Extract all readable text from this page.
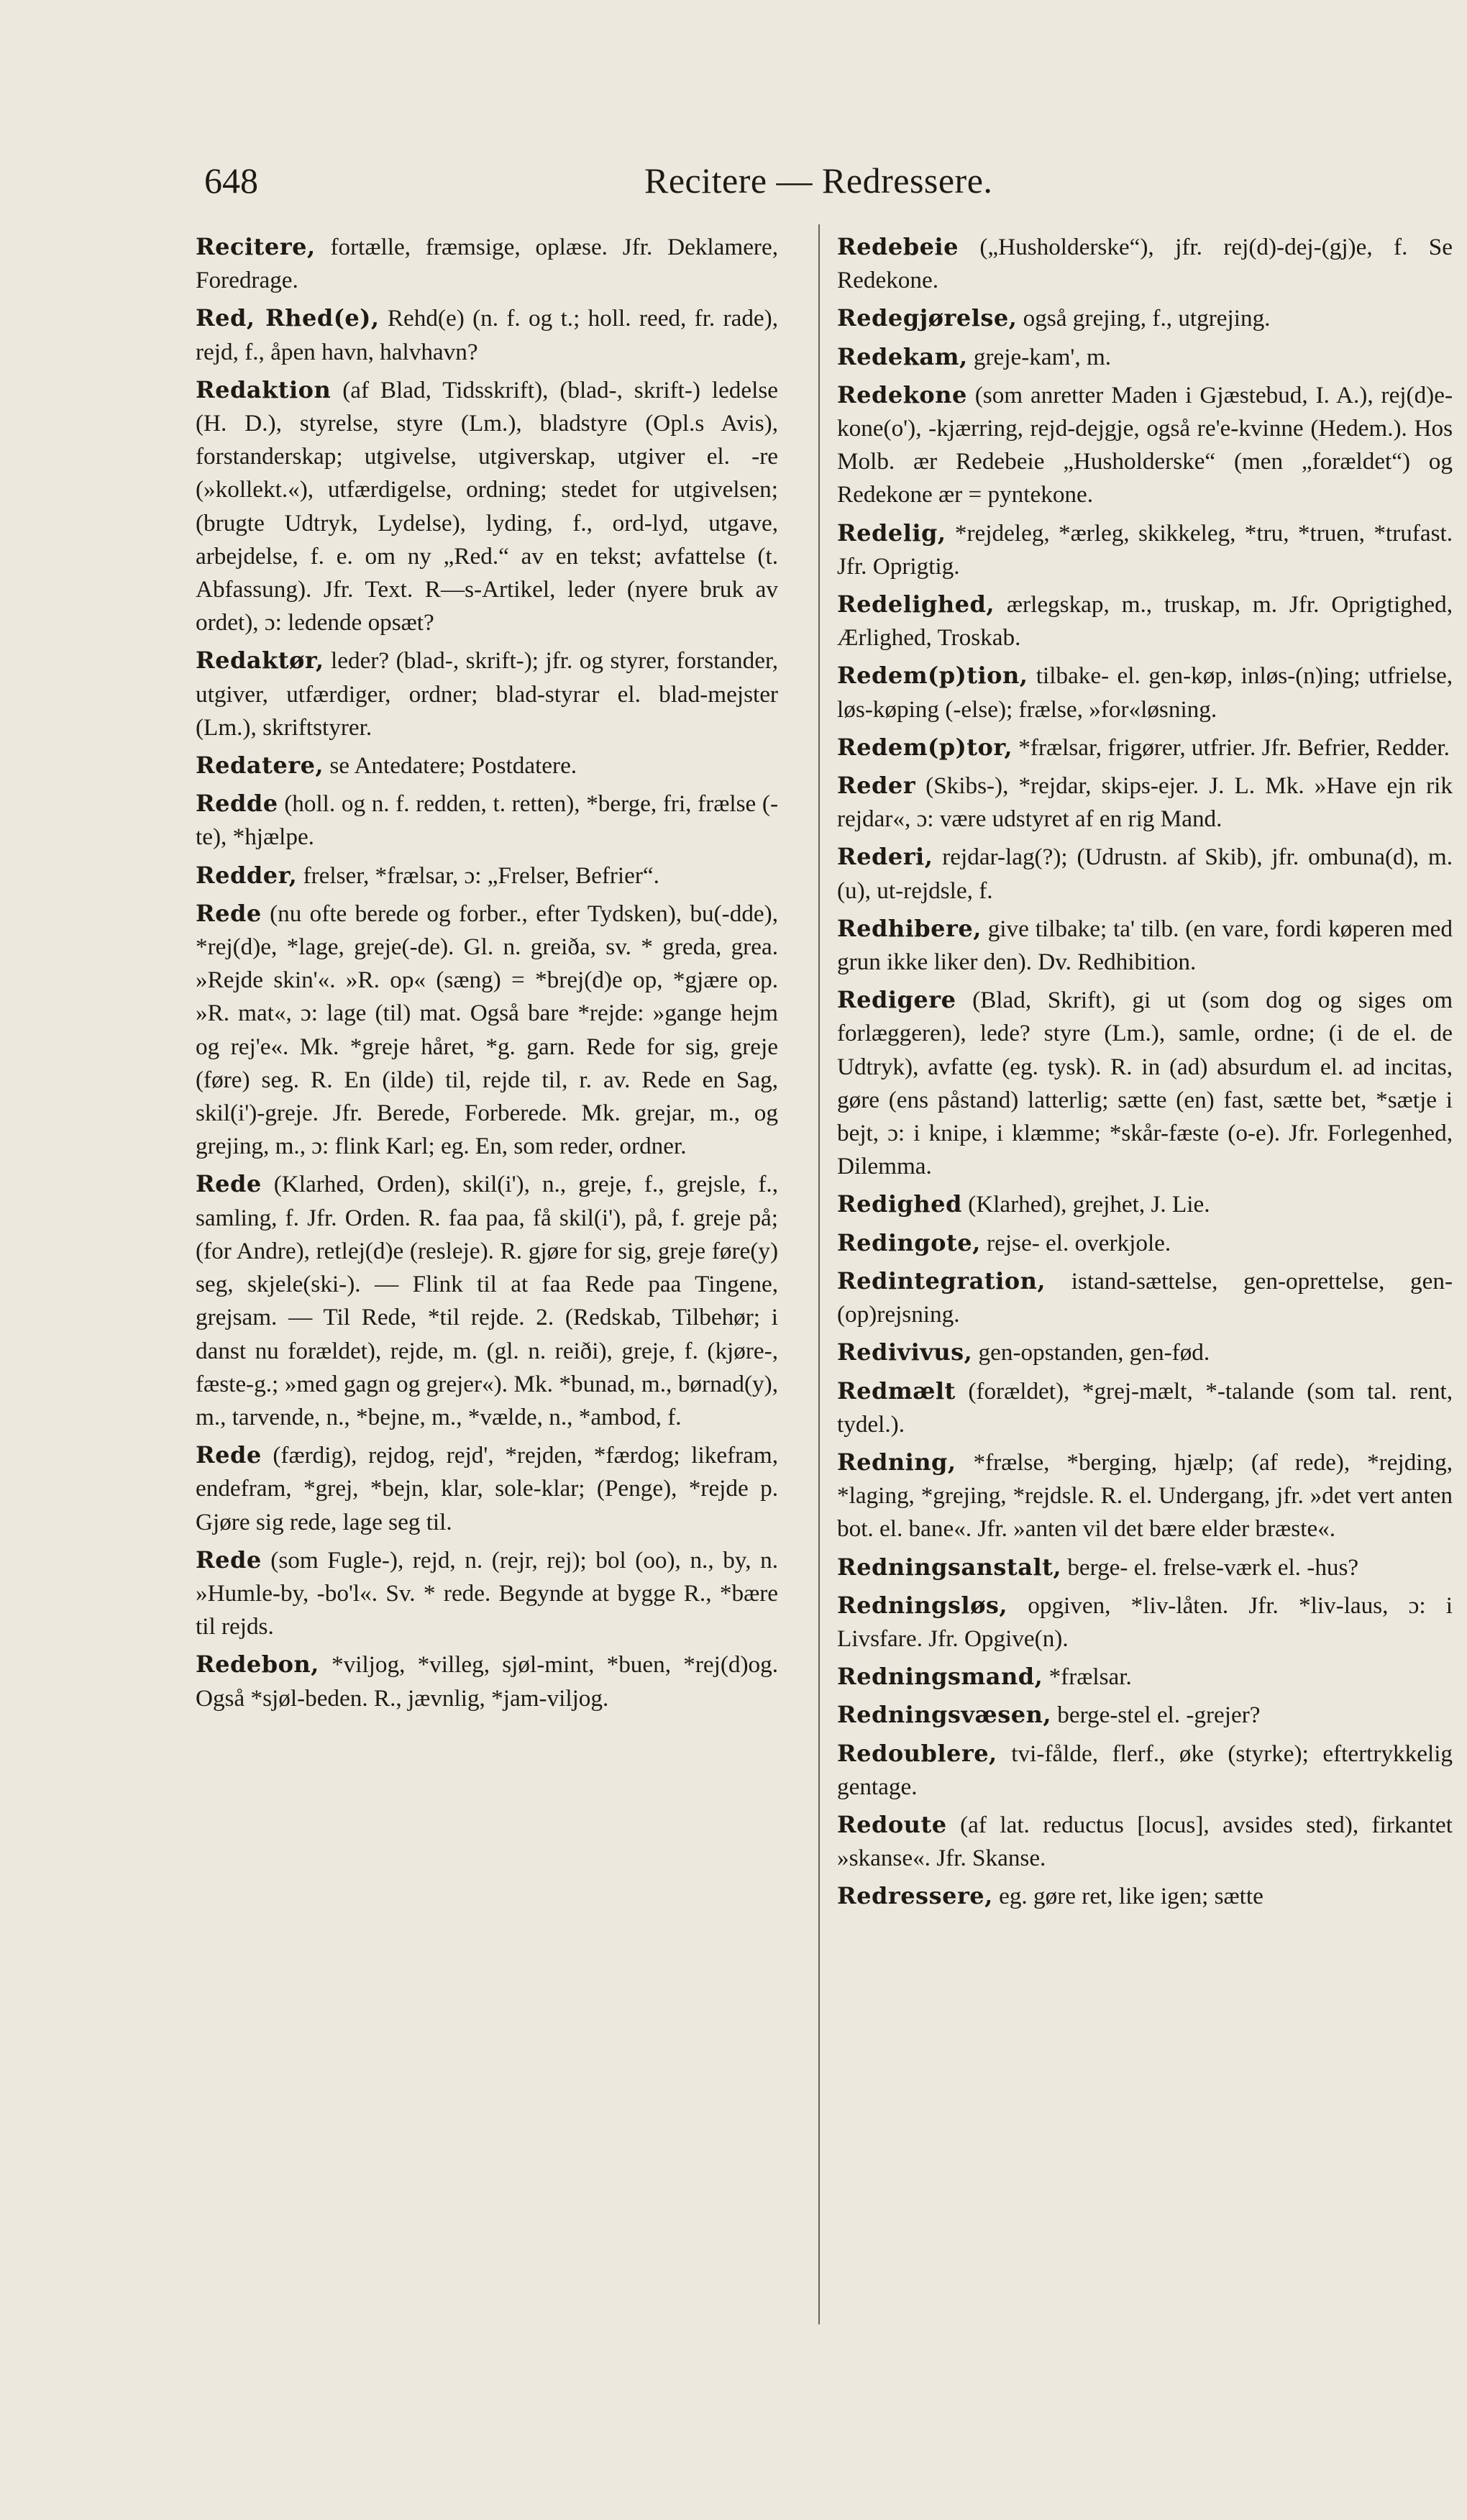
648	Recitere — Redressere.

Recitere, fortælle, fræmsige, oplæse. Jfr. Deklamere, Foredrage.

Red, Rhed(e), Rehd(e) (n. f. og t.; holl. reed, fr. rade), rejd, f., åpen havn, halvhavn?

Redaktion (af Blad, Tidsskrift), (blad-, skrift-) ledelse (H. D.), styrelse, styre (Lm.), bladstyre (Opl.s Avis), forstanderskap; utgivelse, utgiverskap, utgiver el. -re (»kollekt.«), utfærdigelse, ordning; stedet for utgivelsen; (brugte Udtryk, Lydelse), lyding, f., ord-lyd, utgave, arbejdelse, f. e. om ny „Red.“ av en tekst; avfattelse (t. Abfassung). Jfr. Text. R—s-Artikel, leder (nyere bruk av ordet), ɔ: ledende opsæt?

Redaktør, leder? (blad-, skrift-); jfr. og styrer, forstander, utgiver, utfærdiger, ordner; blad-styrar el. blad-mejster (Lm.), skriftstyrer.

Redatere, se Antedatere; Postdatere.

Redde (holl. og n. f. redden, t. retten), *berge, fri, frælse (-te), *hjælpe.

Redder, frelser, *frælsar, ɔ: „Frelser, Befrier“.

Rede (nu ofte berede og forber., efter Tydsken), bu(-dde), *rej(d)e, *lage, greje(-de). Gl. n. greiða, sv. * greda, grea. »Rejde skin'«. »R. op« (sæng) = *brej(d)e op, *gjære op. »R. mat«, ɔ: lage (til) mat. Også bare *rejde: »gange hejm og rej'e«. Mk. *greje håret, *g. garn. Rede for sig, greje (føre) seg. R. En (ilde) til, rejde til, r. av. Rede en Sag, skil(i')-greje. Jfr. Berede, Forberede. Mk. grejar, m., og grejing, m., ɔ: flink Karl; eg. En, som reder, ordner.

Rede (Klarhed, Orden), skil(i'), n., greje, f., grejsle, f., samling, f. Jfr. Orden. R. faa paa, få skil(i'), på, f. greje på; (for Andre), retlej(d)e (resleje). R. gjøre for sig, greje føre(y) seg, skjele(ski-). — Flink til at faa Rede paa Tingene, grejsam. — Til Rede, *til rejde. 2. (Redskab, Tilbehør; i danst nu forældet), rejde, m. (gl. n. reiði), greje, f. (kjøre-, fæste-g.; »med gagn og grejer«). Mk. *bunad, m., børnad(y), m., tarvende, n., *bejne, m., *vælde, n., *ambod, f.

Rede (færdig), rejdog, rejd', *rejden, *færdog; likefram, endefram, *grej, *bejn, klar, sole-klar; (Penge), *rejde p. Gjøre sig rede, lage seg til.

Rede (som Fugle-), rejd, n. (rejr, rej); bol (oo), n., by, n. »Humle-by, -bo'l«. Sv. * rede. Begynde at bygge R., *bære til rejds.

Redebon, *viljog, *villeg, sjøl-mint, *buen, *rej(d)og. Også *sjøl-beden. R., jævnlig, *jam-viljog.

Redebeie („Husholderske“), jfr. rej(d)-dej-(gj)e, f. Se Redekone.

Redegjørelse, også grejing, f., utgrejing.

Redekam, greje-kam', m.

Redekone (som anretter Maden i Gjæstebud, I. A.), rej(d)e-kone(o'), -kjærring, rejd-dejgje, også re'e-kvinne (Hedem.). Hos Molb. ær Redebeie „Husholderske“ (men „forældet“) og Redekone ær = pyntekone.

Redelig, *rejdeleg, *ærleg, skikkeleg, *tru, *truen, *trufast. Jfr. Oprigtig.

Redelighed, ærlegskap, m., truskap, m. Jfr. Oprigtighed, Ærlighed, Troskab.

Redem(p)tion, tilbake- el. gen-køp, inløs-(n)ing; utfrielse, løs-køping (-else); frælse, »for«løsning.

Redem(p)tor, *frælsar, frigører, utfrier. Jfr. Befrier, Redder.

Reder (Skibs-), *rejdar, skips-ejer. J. L. Mk. »Have ejn rik rejdar«, ɔ: være udstyret af en rig Mand.

Rederi, rejdar-lag(?); (Udrustn. af Skib), jfr. ombuna(d), m. (u), ut-rejdsle, f.

Redhibere, give tilbake; ta' tilb. (en vare, fordi køperen med grun ikke liker den). Dv. Redhibition.

Redigere (Blad, Skrift), gi ut (som dog og siges om forlæggeren), lede? styre (Lm.), samle, ordne; (i de el. de Udtryk), avfatte (eg. tysk). R. in (ad) absurdum el. ad incitas, gøre (ens påstand) latterlig; sætte (en) fast, sætte bet, *sætje i bejt, ɔ: i knipe, i klæmme; *skår-fæste (o-e). Jfr. Forlegenhed, Dilemma.

Redighed (Klarhed), grejhet, J. Lie.

Redingote, rejse- el. overkjole.

Redintegration, istand-sættelse, gen-oprettelse, gen-(op)rejsning.

Redivivus, gen-opstanden, gen-fød.

Redmælt (forældet), *grej-mælt, *-talande (som tal. rent, tydel.).

Redning, *frælse, *berging, hjælp; (af rede), *rejding, *laging, *grejing, *rejdsle. R. el. Undergang, jfr. »det vert anten bot. el. bane«. Jfr. »anten vil det bære elder bræste«.

Redningsanstalt, berge- el. frelse-værk el. -hus?

Redningsløs, opgiven, *liv-låten. Jfr. *liv-laus, ɔ: i Livsfare. Jfr. Opgive(n).

Redningsmand, *frælsar.

Redningsvæsen, berge-stel el. -grejer?

Redoublere, tvi-fålde, flerf., øke (styrke); eftertrykkelig gentage.

Redoute (af lat. reductus [locus], avsides sted), firkantet »skanse«. Jfr. Skanse.

Redressere, eg. gøre ret, like igen; sætte
